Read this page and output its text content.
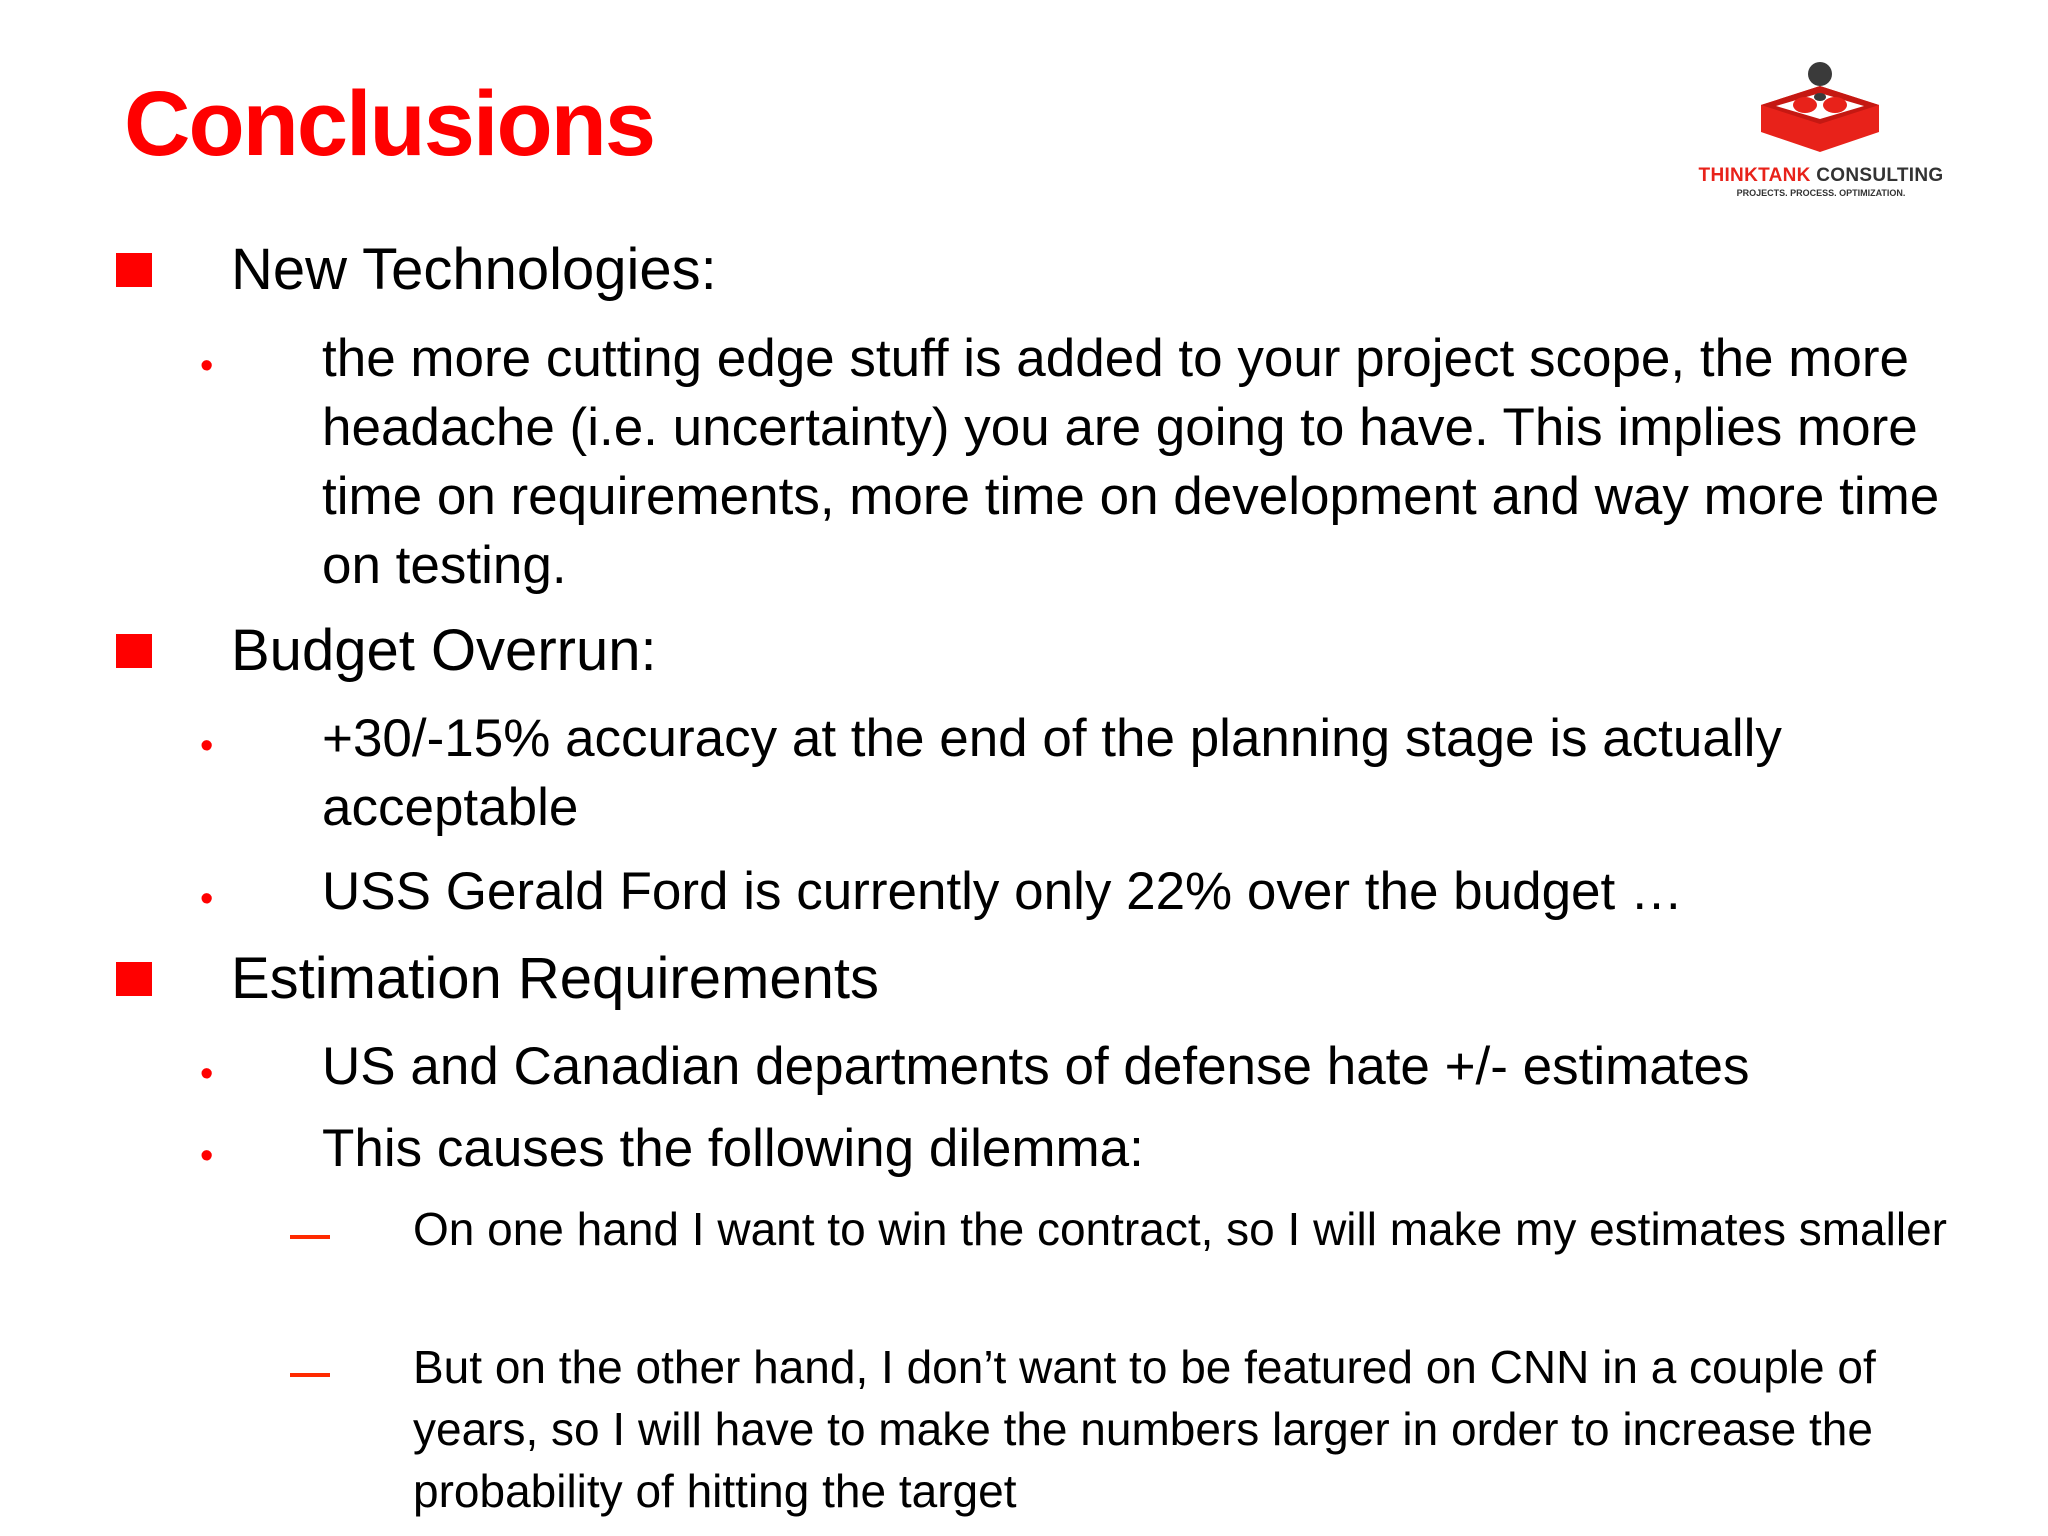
Conclusions
THINKTANK CONSULTING
PROJECTS. PROCESS. OPTIMIZATION.

New Technologies:

• the more cutting edge stuff is added to your project scope, the more headache (i.e. uncertainty) you are going to have. This implies more time on requirements, more time on development and way more time on testing.

Budget Overrun:

• +30/-15% accuracy at the end of the planning stage is actually acceptable

• USS Gerald Ford is currently only 22% over the budget …

Estimation Requirements

• US and Canadian departments of defense hate +/- estimates

• This causes the following dilemma:

On one hand I want to win the contract, so I will make my estimates smaller

But on the other hand, I don’t want to be featured on CNN in a couple of years, so I will have to make the numbers larger in order to increase the probability of hitting the target
